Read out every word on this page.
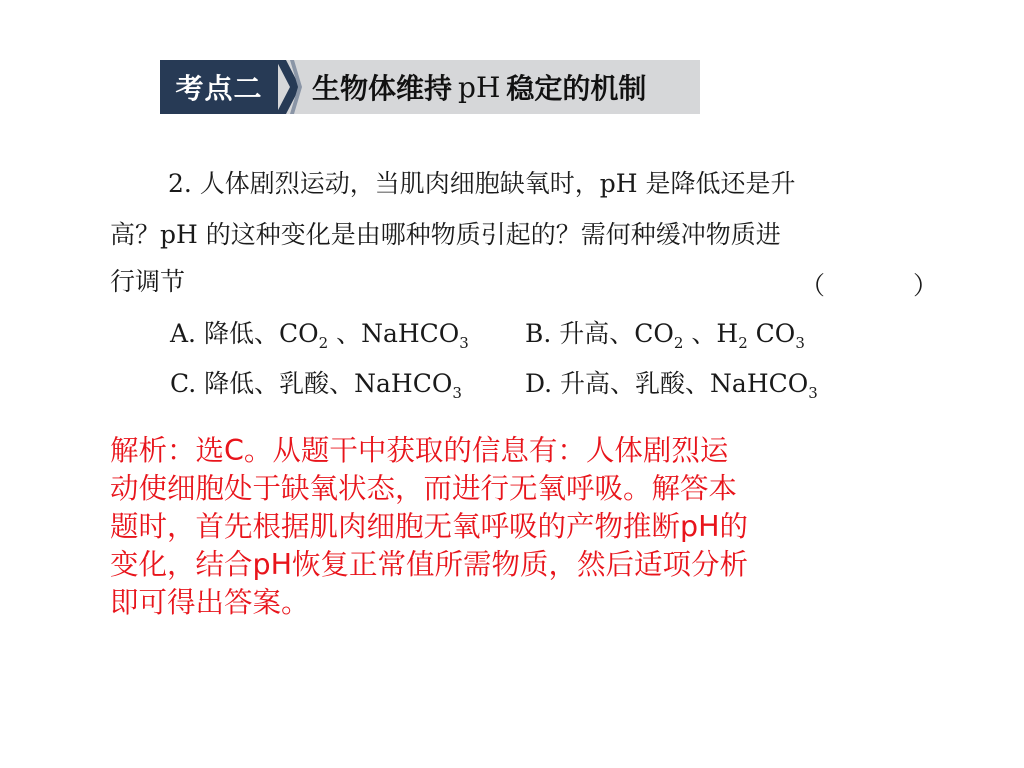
考点二	生物体维持 pH 稳定的机制
2. 人体剧烈运动，当肌肉细胞缺氧时，pH 是降低还是升
高？pH 的这种变化是由哪种物质引起的？需何种缓冲物质进
行调节	（ ）
A. 降低、$CO_2$ 、NaHCO$_3$ B. 升高、$CO_2$ 、$H_2$ $CO_3$
C. 降低、乳酸、NaHCO$_3$	D. 升高、乳酸、NaHCO$_3$
解析：选C。从题干中获取的信息有：人体剧烈运
动使细胞处于缺氧状态，而进行无氧呼吸。解答本
题时，首先根据肌肉细胞无氧呼吸的产物推断pH的
变化，结合pH恢复正常值所需物质，然后适项分析
即可得出答案。
